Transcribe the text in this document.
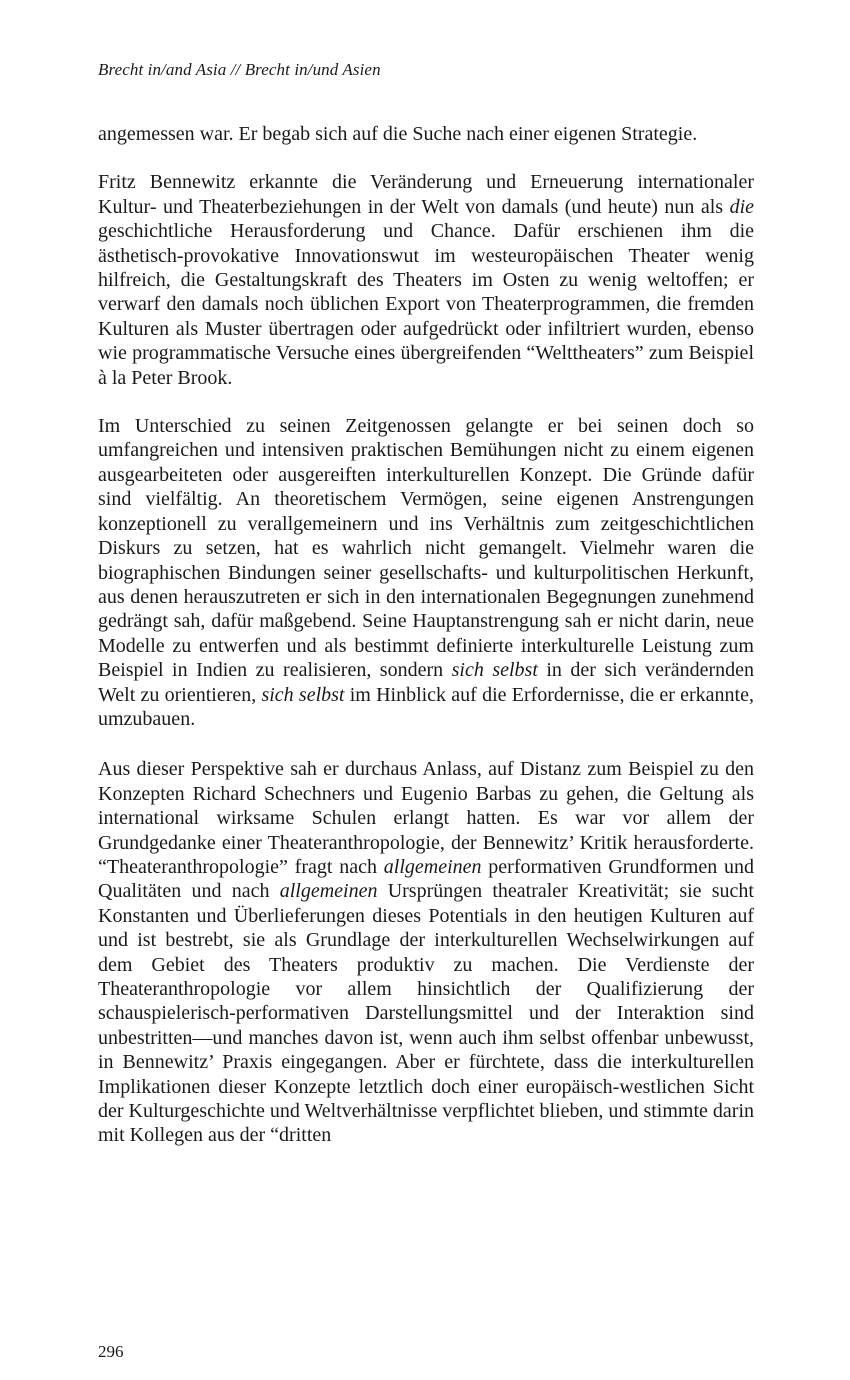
Brecht in/and Asia // Brecht in/und Asien

angemessen war. Er begab sich auf die Suche nach einer eigenen Strategie.

Fritz Bennewitz erkannte die Veränderung und Erneuerung internationaler Kultur- und Theaterbeziehungen in der Welt von damals (und heute) nun als die geschichtliche Herausforderung und Chance. Dafür erschienen ihm die ästhetisch-provokative Innovationswut im westeuropäischen Theater wenig hilfreich, die Gestaltungskraft des Theaters im Osten zu wenig weltoffen; er verwarf den damals noch üblichen Export von Theaterprogrammen, die fremden Kulturen als Muster übertragen oder aufgedrückt oder infiltriert wurden, ebenso wie programmatische Versuche eines übergreifenden “Welttheaters” zum Beispiel à la Peter Brook.

Im Unterschied zu seinen Zeitgenossen gelangte er bei seinen doch so umfangreichen und intensiven praktischen Bemühungen nicht zu einem eigenen ausgearbeiteten oder ausgereiften interkulturellen Konzept. Die Gründe dafür sind vielfältig. An theoretischem Vermögen, seine eigenen Anstrengungen konzeptionell zu verallgemeinern und ins Verhältnis zum zeitgeschichtlichen Diskurs zu setzen, hat es wahrlich nicht gemangelt. Vielmehr waren die biographischen Bindungen seiner gesellschafts- und kulturpolitischen Herkunft, aus denen herauszutreten er sich in den internationalen Begegnungen zunehmend gedrängt sah, dafür maßgebend. Seine Hauptanstrengung sah er nicht darin, neue Modelle zu entwerfen und als bestimmt definierte interkulturelle Leistung zum Beispiel in Indien zu realisieren, sondern sich selbst in der sich verändernden Welt zu orientieren, sich selbst im Hinblick auf die Erfordernisse, die er erkannte, umzubauen.

Aus dieser Perspektive sah er durchaus Anlass, auf Distanz zum Beispiel zu den Konzepten Richard Schechners und Eugenio Barbas zu gehen, die Geltung als international wirksame Schulen erlangt hatten. Es war vor allem der Grundgedanke einer Theateranthropologie, der Bennewitz’ Kritik herausforderte. “Theateranthropologie” fragt nach allgemeinen performativen Grundformen und Qualitäten und nach allgemeinen Ursprüngen theatraler Kreativität; sie sucht Konstanten und Überlieferungen dieses Potentials in den heutigen Kulturen auf und ist bestrebt, sie als Grundlage der interkulturellen Wechselwirkungen auf dem Gebiet des Theaters produktiv zu machen. Die Verdienste der Theateranthropologie vor allem hinsichtlich der Qualifizierung der schauspielerisch-performativen Darstellungsmittel und der Interaktion sind unbestritten—und manches davon ist, wenn auch ihm selbst offenbar unbewusst, in Bennewitz’ Praxis eingegangen. Aber er fürchtete, dass die interkulturellen Implikationen dieser Konzepte letztlich doch einer europäisch-westlichen Sicht der Kulturgeschichte und Weltverhältnisse verpflichtet blieben, und stimmte darin mit Kollegen aus der “dritten

296
